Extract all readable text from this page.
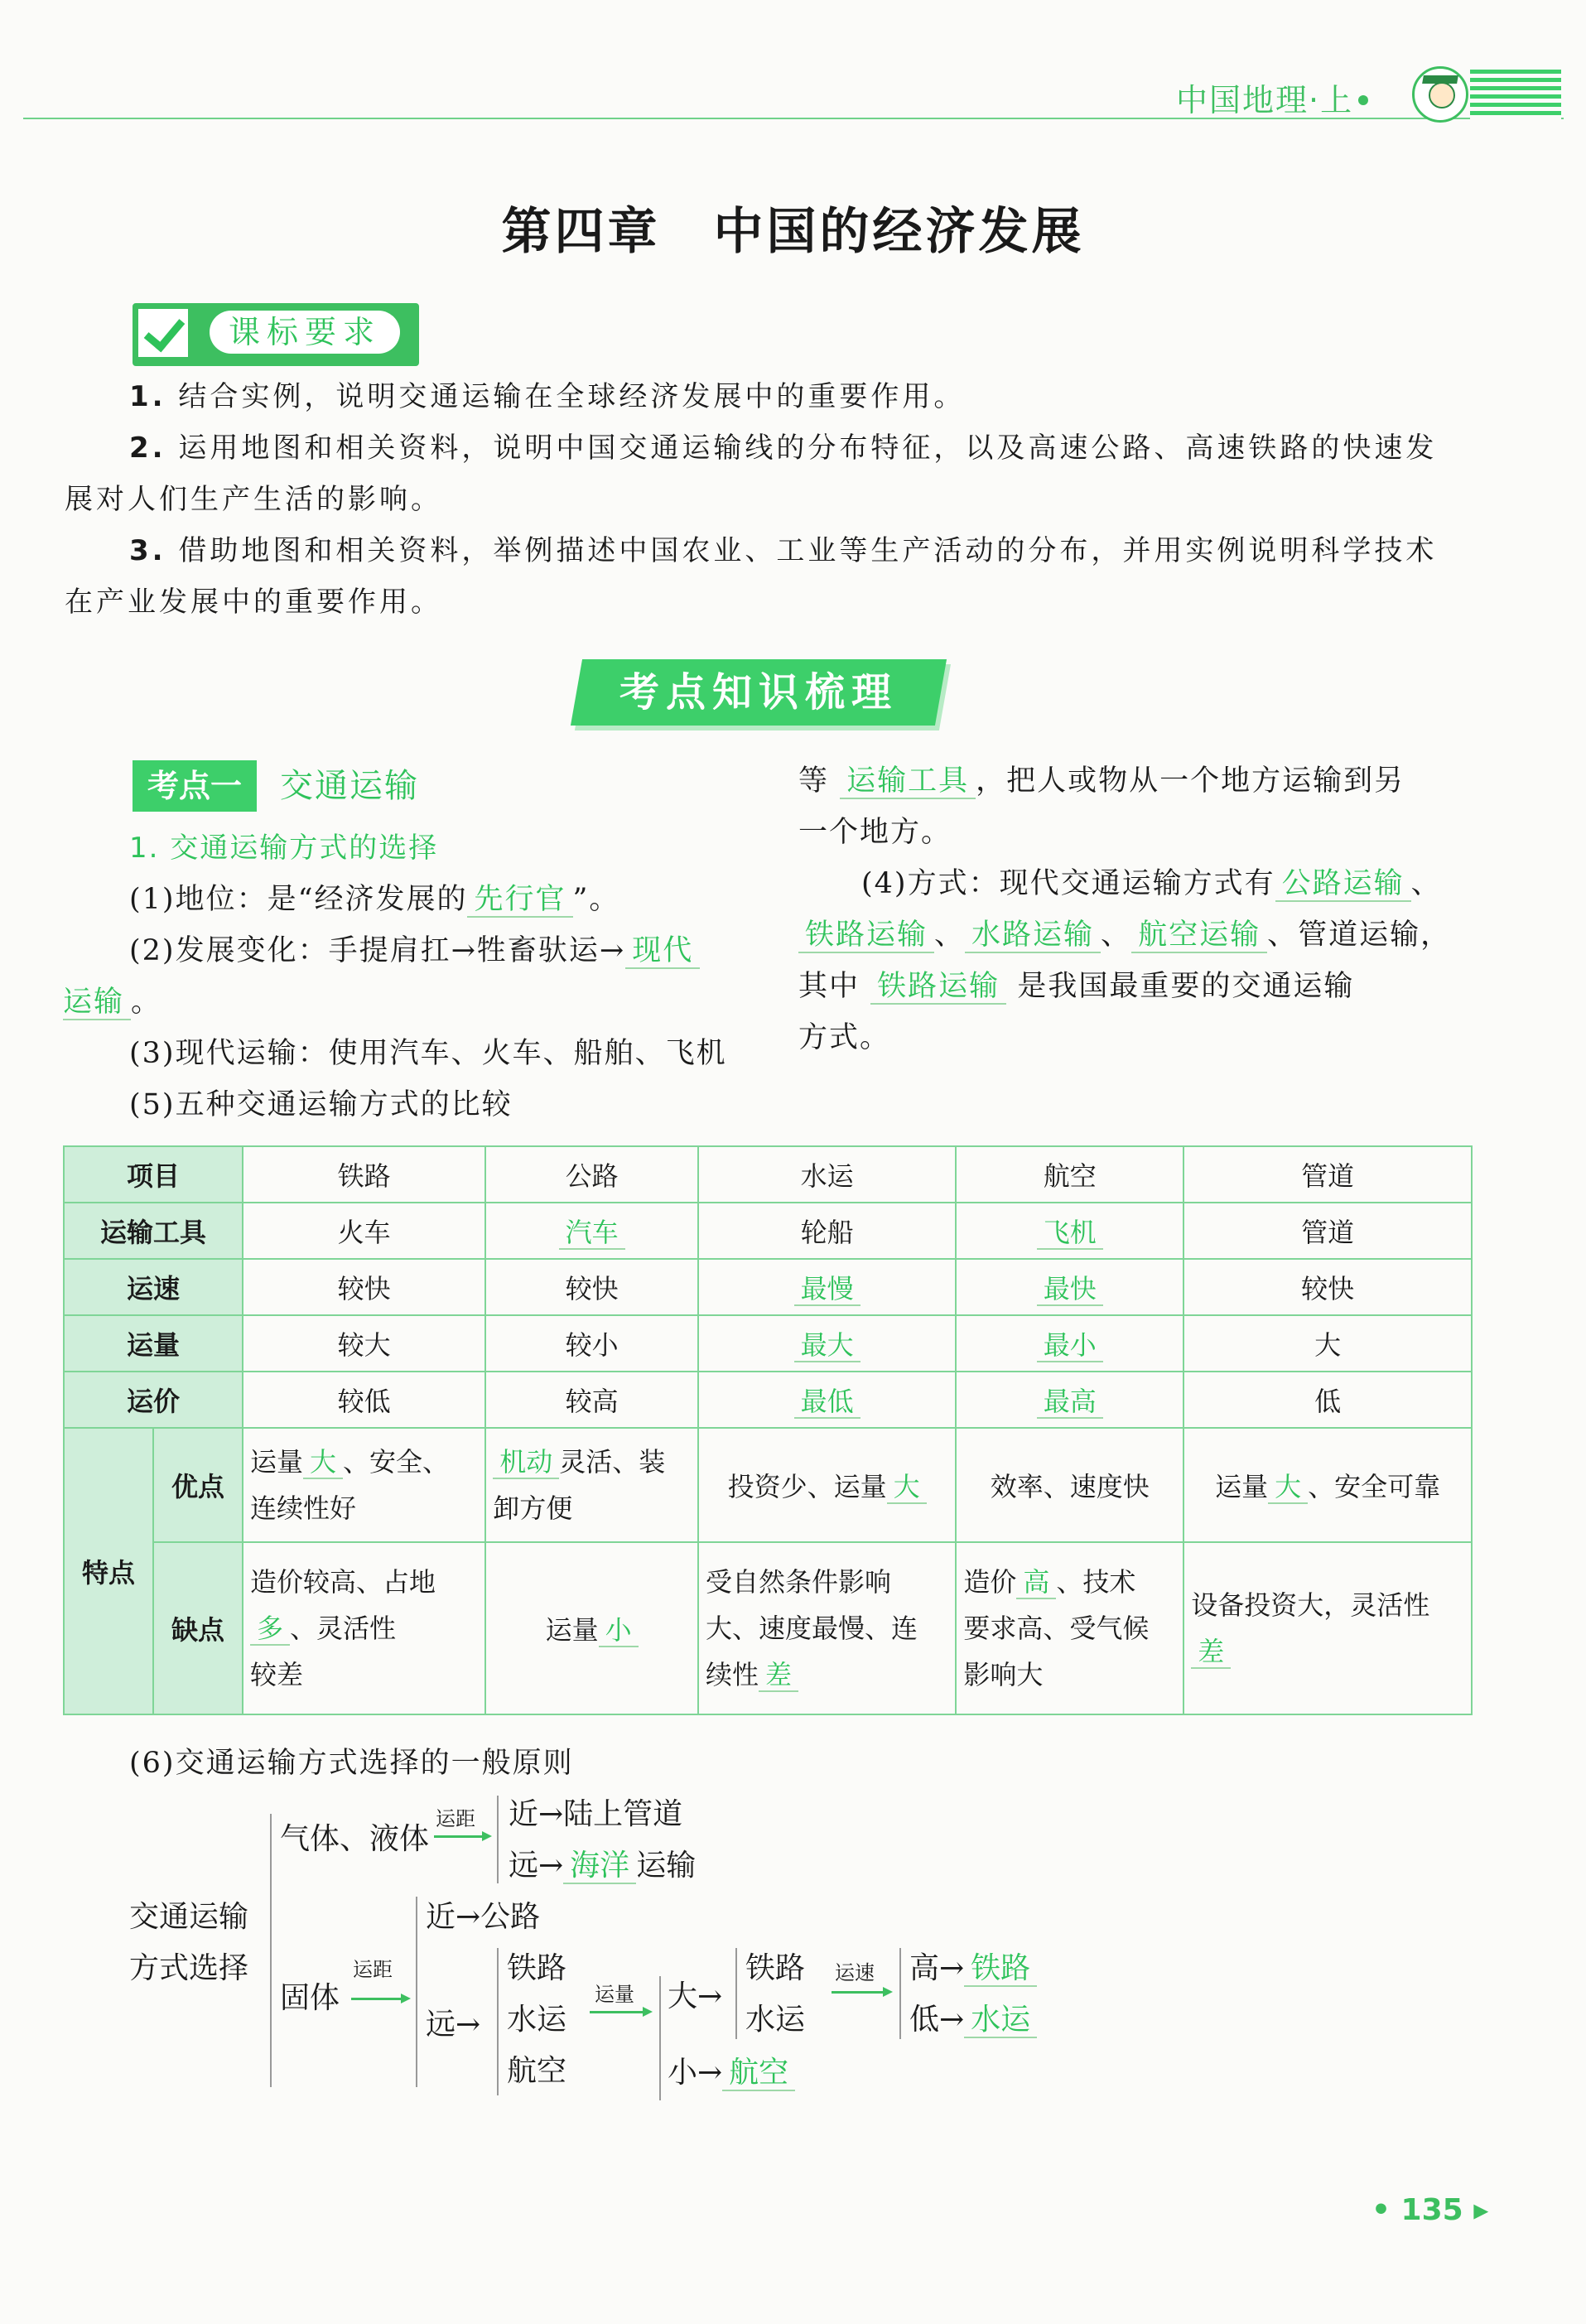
中国地理·上
第四章　中国的经济发展
课标要求
1. 结合实例，说明交通运输在全球经济发展中的重要作用。
2. 运用地图和相关资料，说明中国交通运输线的分布特征，以及高速公路、高速铁路的快速发
展对人们生产生活的影响。
3. 借助地图和相关资料，举例描述中国农业、工业等生产活动的分布，并用实例说明科学技术
在产业发展中的重要作用。
考点知识梳理
考点一	交通运输
1. 交通运输方式的选择
(1)地位：是“经济发展的 先行官 ”。
(2)发展变化：手提肩扛→牲畜驮运→ 现代
运输 。
(3)现代运输：使用汽车、火车、船舶、飞机
(5)五种交通运输方式的比较
等 运输工具 ，把人或物从一个地方运输到另
一个地方。
(4)方式：现代交通运输方式有 公路运输 、
铁路运输 、 水路运输 、 航空运输 、管道运输，
其中 铁路运输 是我国最重要的交通运输
方式。
项目		铁路	公路	水运	航空	管道
运输工具		火车	汽车	轮船	飞机	管道
运速		较快	较快	最慢	最快	较快
运量		较大	较小	最大	最小	大
运价		较低	较高	最低	最高	低
特点	优点	运量 大 、安全、
连续性好	机动 灵活、装
卸方便	投资少、运量 大	效率、速度快	运量 大 、安全可靠
	缺点	造价较高、占地
多 、灵活性
较差	运量 小	受自然条件影响
大、速度最慢、连
续性 差	造价 高 、技术
要求高、受气候
影响大	设备投资大，灵活性
差
(6)交通运输方式选择的一般原则
交通运输
方式选择
气体、液体
运距 近→陆上管道
远→ 海洋 运输
固体
运距
近→公路
远→
铁路
水运
航空
运量 大→
小→ 航空
铁路
水运
运速 高→ 铁路
低→ 水运
• 135 ▸
